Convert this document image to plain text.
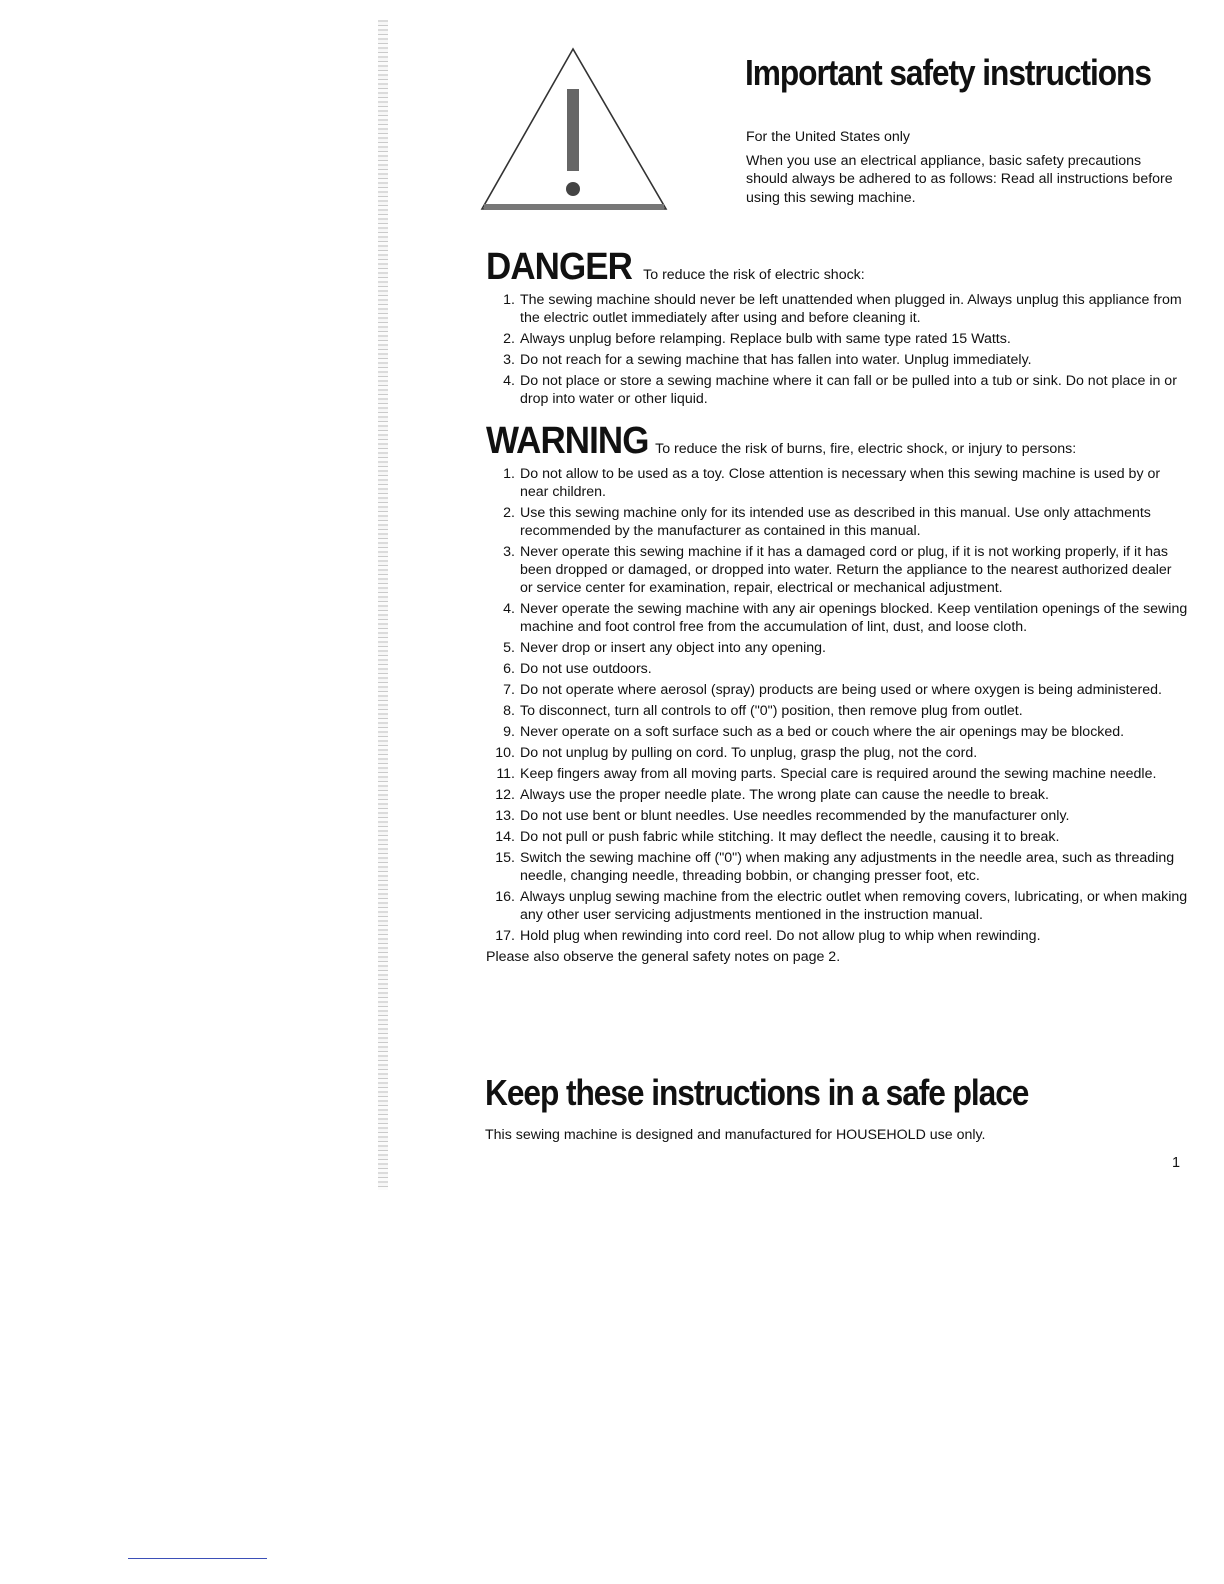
Important safety instructions

For the United States only

When you use an electrical appliance, basic safety precautions should always be adhered to as follows: Read all instructions before using this sewing machine.

DANGER To reduce the risk of electric shock:
1. The sewing machine should never be left unattended when plugged in. Always unplug this appliance from the electric outlet immediately after using and before cleaning it.
2. Always unplug before relamping. Replace bulb with same type rated 15 Watts.
3. Do not reach for a sewing machine that has fallen into water. Unplug immediately.
4. Do not place or store a sewing machine where it can fall or be pulled into a tub or sink. Do not place in or drop into water or other liquid.
WARNING To reduce the risk of burns, fire, electric shock, or injury to persons:
1. Do not allow to be used as a toy. Close attention is necessary when this sewing machine is used by or near children.
2. Use this sewing machine only for its intended use as described in this manual. Use only attachments recommended by the manufacturer as contained in this manual.
3. Never operate this sewing machine if it has a damaged cord or plug, if it is not working properly, if it has been dropped or damaged, or dropped into water. Return the appliance to the nearest authorized dealer or service center for examination, repair, electrical or mechanical adjustment.
4. Never operate the sewing machine with any air openings blocked. Keep ventilation openings of the sewing machine and foot control free from the accumulation of lint, dust, and loose cloth.
5. Never drop or insert any object into any opening.
6. Do not use outdoors.
7. Do not operate where aerosol (spray) products are being used or where oxygen is being administered.
8. To disconnect, turn all controls to off ("0") position, then remove plug from outlet.
9. Never operate on a soft surface such as a bed or couch where the air openings may be blocked.
10. Do not unplug by pulling on cord. To unplug, grasp the plug, not the cord.
11. Keep fingers away from all moving parts. Special care is required around the sewing machine needle.
12. Always use the proper needle plate. The wrong plate can cause the needle to break.
13. Do not use bent or blunt needles. Use needles recommended by the manufacturer only.
14. Do not pull or push fabric while stitching. It may deflect the needle, causing it to break.
15. Switch the sewing machine off ("0") when making any adjustments in the needle area, such as threading needle, changing needle, threading bobbin, or changing presser foot, etc.
16. Always unplug sewing machine from the electric outlet when removing covers, lubricating, or when making any other user servicing adjustments mentioned in the instruction manual.
17. Hold plug when rewinding into cord reel. Do not allow plug to whip when rewinding.

Please also observe the general safety notes on page 2.

Keep these instructions in a safe place

This sewing machine is designed and manufactured for HOUSEHOLD use only.

1
